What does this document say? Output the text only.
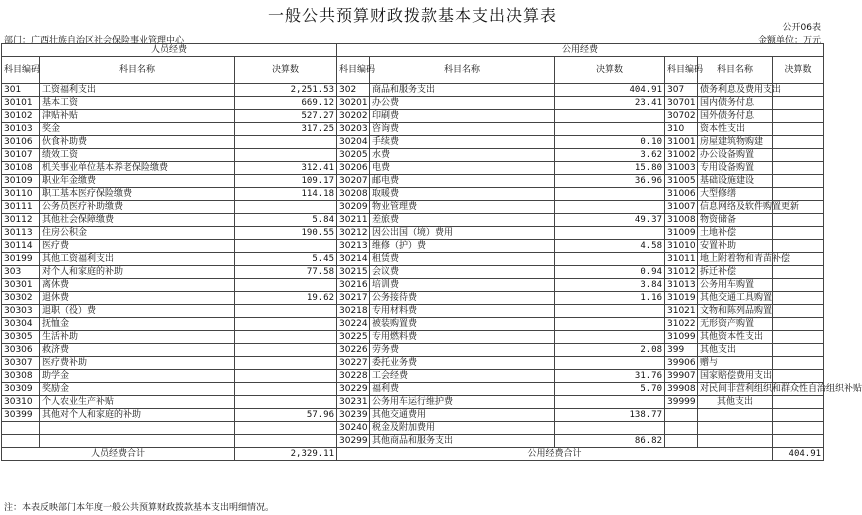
一般公共预算财政拨款基本支出决算表
公开06表
部门：广西壮族自治区社会保险事业管理中心	金额单位：万元
人员经费			公用经费					
科目编码	科目名称	决算数	科目编码	科目名称	决算数	科目编码	科目名称	决算数
301	工资福利支出	2,251.53	302	商品和服务支出	404.91	307	债务利息及费用支出	
30101	基本工资	669.12	30201	办公费	23.41	30701	国内债务付息	
30102	津贴补贴	527.27	30202	印刷费		30702	国外债务付息	
30103	奖金	317.25	30203	咨询费		310	资本性支出	
30106	伙食补助费		30204	手续费	0.10	31001	房屋建筑物购建	
30107	绩效工资		30205	水费	3.62	31002	办公设备购置	
30108	机关事业单位基本养老保险缴费	312.41	30206	电费	15.80	31003	专用设备购置	
30109	职业年金缴费	109.17	30207	邮电费	36.96	31005	基础设施建设	
30110	职工基本医疗保险缴费	114.18	30208	取暖费		31006	大型修缮	
30111	公务员医疗补助缴费		30209	物业管理费		31007	信息网络及软件购置更新	
30112	其他社会保障缴费	5.84	30211	差旅费	49.37	31008	物资储备	
30113	住房公积金	190.55	30212	因公出国（境）费用		31009	土地补偿	
30114	医疗费		30213	维修（护）费	4.58	31010	安置补助	
30199	其他工资福利支出	5.45	30214	租赁费		31011	地上附着物和青苗补偿	
303	对个人和家庭的补助	77.58	30215	会议费	0.94	31012	拆迁补偿	
30301	离休费		30216	培训费	3.84	31013	公务用车购置	
30302	退休费	19.62	30217	公务接待费	1.16	31019	其他交通工具购置	
30303	退职（役）费		30218	专用材料费		31021	文物和陈列品购置	
30304	抚恤金		30224	被装购置费		31022	无形资产购置	
30305	生活补助		30225	专用燃料费		31099	其他资本性支出	
30306	救济费		30226	劳务费	2.08	399	其他支出	
30307	医疗费补助		30227	委托业务费		39906	赠与	
30308	助学金		30228	工会经费	31.76	39907	国家赔偿费用支出	
30309	奖励金		30229	福利费	5.70	39908	对民间非营利组织和群众性自治组织补贴	
30310	个人农业生产补贴		30231	公务用车运行维护费		39999	其他支出	
30399	其他对个人和家庭的补助	57.96	30239	其他交通费用	138.77			
			30240	税金及附加费用				
			30299	其他商品和服务支出	86.82			
人员经费合计		2,329.11	公用经费合计					404.91
注：本表反映部门本年度一般公共预算财政拨款基本支出明细情况。
